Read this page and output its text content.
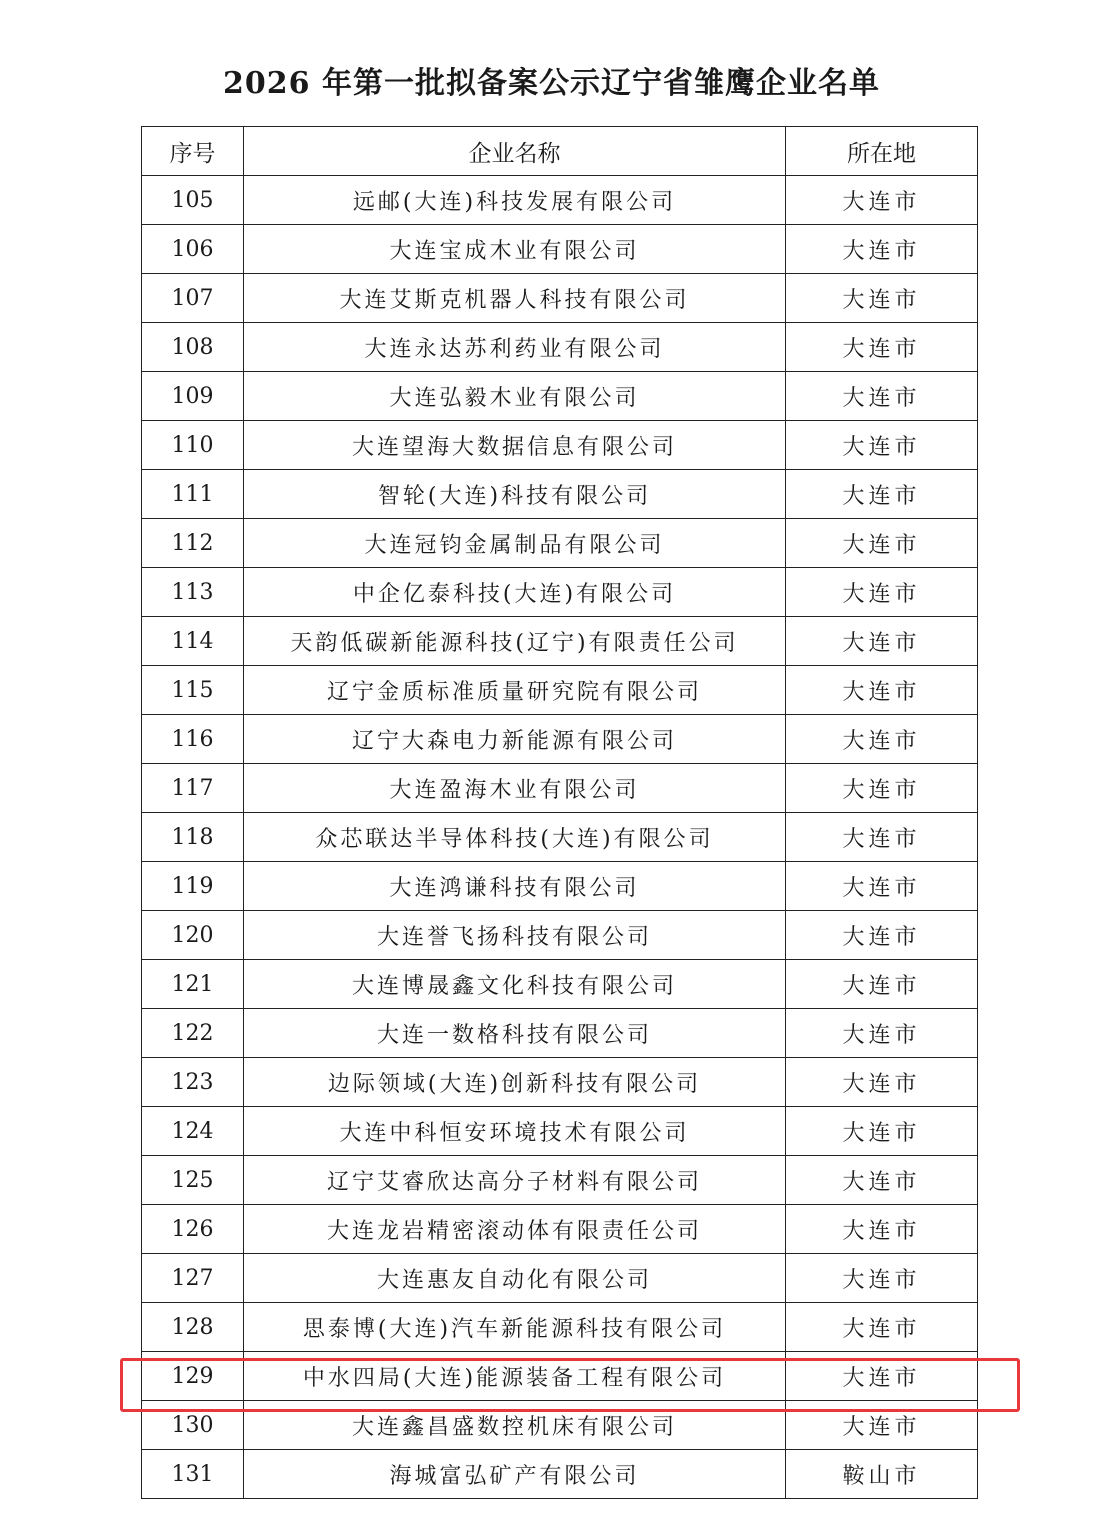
2026 年第一批拟备案公示辽宁省雏鹰企业名单
序号	企业名称	所在地
105	远邮(大连)科技发展有限公司	大连市
106	大连宝成木业有限公司	大连市
107	大连艾斯克机器人科技有限公司	大连市
108	大连永达苏利药业有限公司	大连市
109	大连弘毅木业有限公司	大连市
110	大连望海大数据信息有限公司	大连市
111	智轮(大连)科技有限公司	大连市
112	大连冠钧金属制品有限公司	大连市
113	中企亿泰科技(大连)有限公司	大连市
114	天韵低碳新能源科技(辽宁)有限责任公司	大连市
115	辽宁金质标准质量研究院有限公司	大连市
116	辽宁大森电力新能源有限公司	大连市
117	大连盈海木业有限公司	大连市
118	众芯联达半导体科技(大连)有限公司	大连市
119	大连鸿谦科技有限公司	大连市
120	大连誉飞扬科技有限公司	大连市
121	大连博晟鑫文化科技有限公司	大连市
122	大连一数格科技有限公司	大连市
123	边际领域(大连)创新科技有限公司	大连市
124	大连中科恒安环境技术有限公司	大连市
125	辽宁艾睿欣达高分子材料有限公司	大连市
126	大连龙岩精密滚动体有限责任公司	大连市
127	大连惠友自动化有限公司	大连市
128	思泰博(大连)汽车新能源科技有限公司	大连市
129	中水四局(大连)能源装备工程有限公司	大连市
130	大连鑫昌盛数控机床有限公司	大连市
131	海城富弘矿产有限公司	鞍山市
